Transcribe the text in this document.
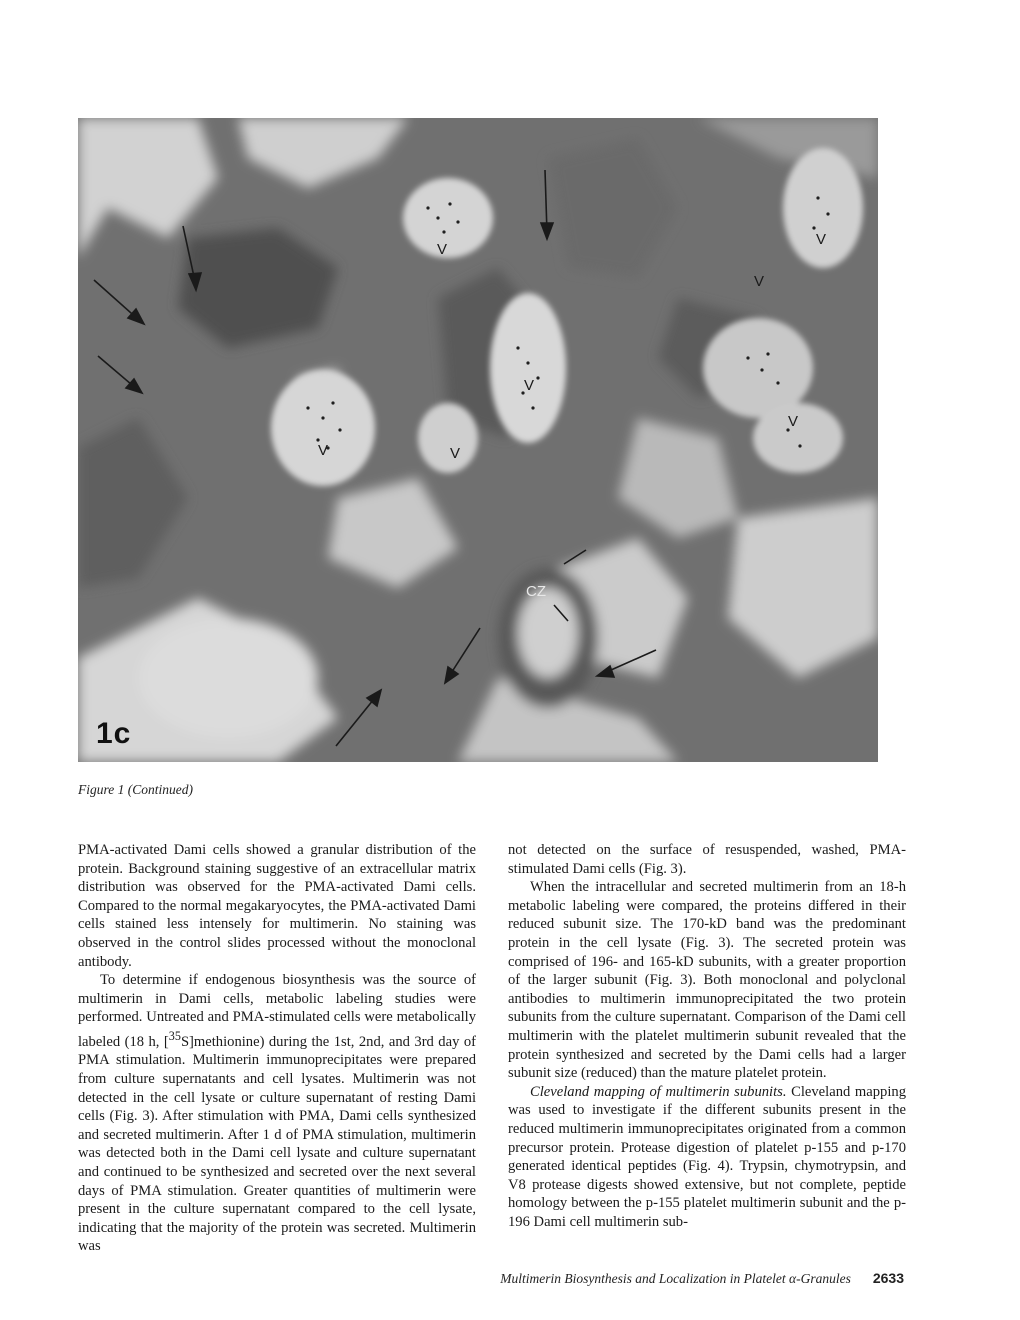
V
V	V
V
V
V
V
CZ
1c
Figure 1 (Continued)

PMA-activated Dami cells showed a granular distribution of the protein. Background staining suggestive of an extracellular matrix distribution was observed for the PMA-activated Dami cells. Compared to the normal megakaryocytes, the PMA-activated Dami cells stained less intensely for multimerin. No staining was observed in the control slides processed without the monoclonal antibody.

To determine if endogenous biosynthesis was the source of multimerin in Dami cells, metabolic labeling studies were performed. Untreated and PMA-stimulated cells were metabolically labeled (18 h, [$^{35}$S]methionine) during the 1st, 2nd, and 3rd day of PMA stimulation. Multimerin immunoprecipitates were prepared from culture supernatants and cell lysates. Multimerin was not detected in the cell lysate or culture supernatant of resting Dami cells (Fig. 3). After stimulation with PMA, Dami cells synthesized and secreted multimerin. After 1 d of PMA stimulation, multimerin was detected both in the Dami cell lysate and culture supernatant and continued to be synthesized and secreted over the next several days of PMA stimulation. Greater quantities of multimerin were present in the culture supernatant compared to the cell lysate, indicating that the majority of the protein was secreted. Multimerin was

not detected on the surface of resuspended, washed, PMA-stimulated Dami cells (Fig. 3).

When the intracellular and secreted multimerin from an 18-h metabolic labeling were compared, the proteins differed in their reduced subunit size. The 170-kD band was the predominant protein in the cell lysate (Fig. 3). The secreted protein was comprised of 196- and 165-kD subunits, with a greater proportion of the larger subunit (Fig. 3). Both monoclonal and polyclonal antibodies to multimerin immunoprecipitated the two protein subunits from the culture supernatant. Comparison of the Dami cell multimerin with the platelet multimerin subunit revealed that the protein synthesized and secreted by the Dami cells had a larger subunit size (reduced) than the mature platelet protein.

Cleveland mapping of multimerin subunits. Cleveland mapping was used to investigate if the different subunits present in the reduced multimerin immunoprecipitates originated from a common precursor protein. Protease digestion of platelet p-155 and p-170 generated identical peptides (Fig. 4). Trypsin, chymotrypsin, and V8 protease digests showed extensive, but not complete, peptide homology between the p-155 platelet multimerin subunit and the p-196 Dami cell multimerin sub-

Multimerin Biosynthesis and Localization in Platelet α-Granules 2633
